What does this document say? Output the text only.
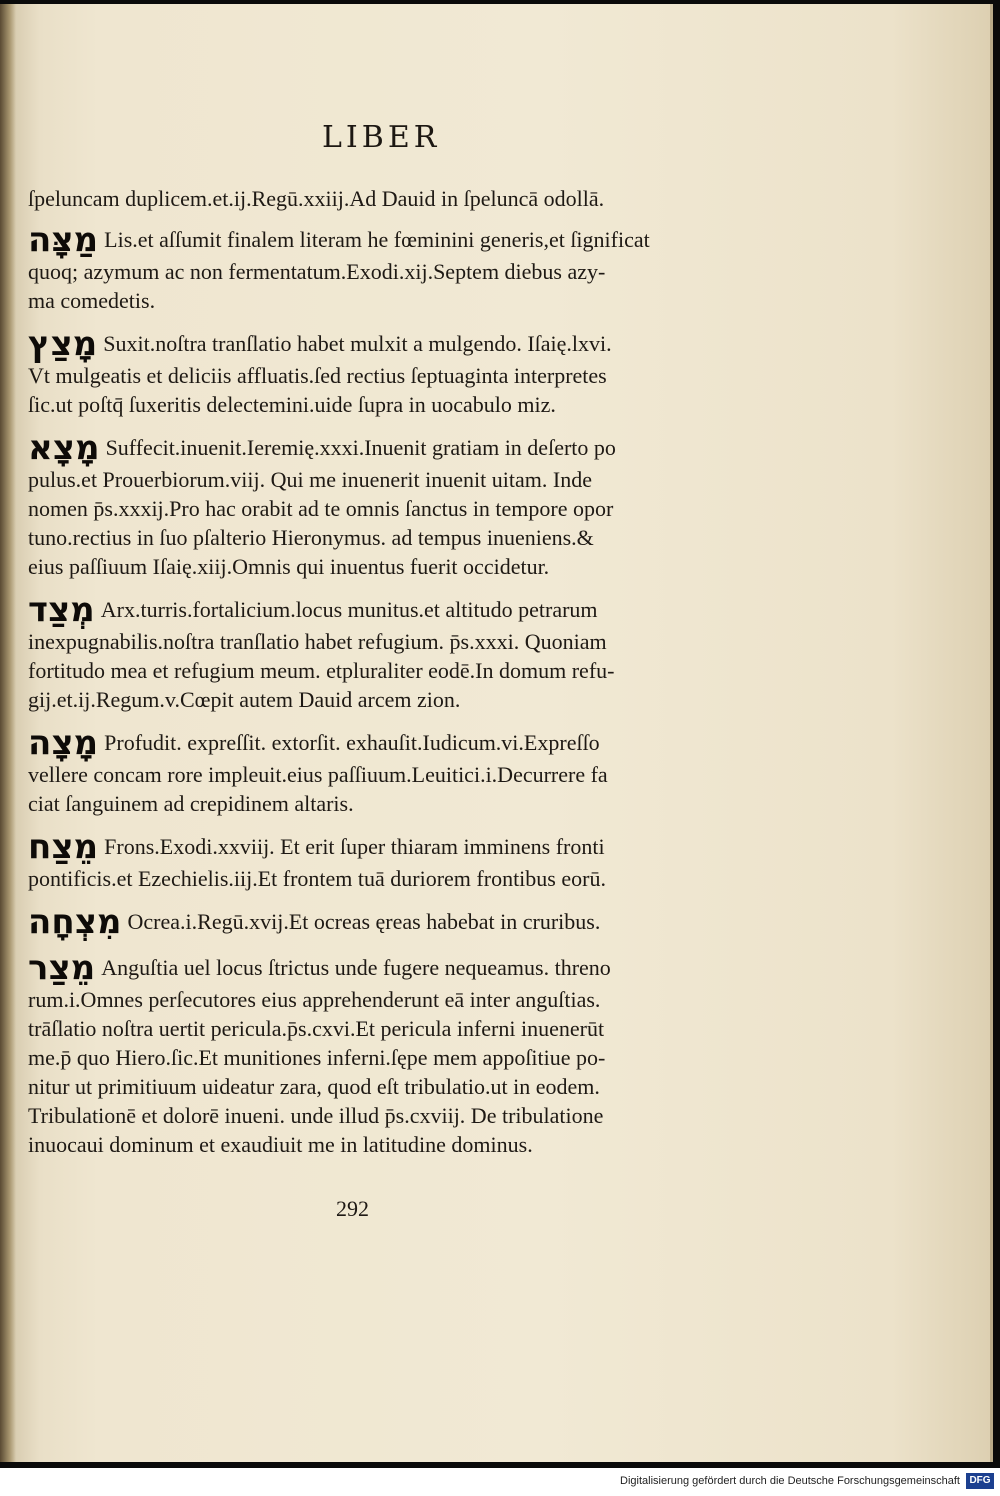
LIBER
ſpeluncam duplicem.et.ij.Regū.xxiij.Ad Dauid in ſpeluncā odollā.
מַצָּה Lis.et aſſumit finalem literam he fœminini generis,et ſignificat
quoq; azymum ac non fermentatum.Exodi.xij.Septem diebus azy-
ma comedetis.
מָצַץ Suxit.noſtra tranſlatio habet mulxit a mulgendo. Iſaię.lxvi.
Vt mulgeatis et deliciis affluatis.ſed rectius ſeptuaginta interpretes
ſic.ut poſtq̄ ſuxeritis delectemini.uide ſupra in uocabulo miz.
מָצָא Suffecit.inuenit.Ieremię.xxxi.Inuenit gratiam in deſerto po
pulus.et Prouerbiorum.viij. Qui me inuenerit inuenit uitam. Inde
nomen p̄s.xxxij.Pro hac orabit ad te omnis ſanctus in tempore opor
tuno.rectius in ſuo pſalterio Hieronymus. ad tempus inueniens.&
eius paſſiuum Iſaię.xiij.Omnis qui inuentus fuerit occidetur.
מְצַד Arx.turris.fortalicium.locus munitus.et altitudo petrarum
inexpugnabilis.noſtra tranſlatio habet refugium. p̄s.xxxi. Quoniam
fortitudo mea et refugium meum. etpluraliter eodē.In domum refu-
gij.et.ij.Regum.v.Cœpit autem Dauid arcem zion.
מָצָה Profudit. expreſſit. extorſit. exhauſit.Iudicum.vi.Expreſſo
vellere concam rore impleuit.eius paſſiuum.Leuitici.i.Decurrere fa
ciat ſanguinem ad crepidinem altaris.
מֵצַח Frons.Exodi.xxviij. Et erit ſuper thiaram imminens fronti
pontificis.et Ezechielis.iij.Et frontem tuā duriorem frontibus eorū.
מִצְחָה Ocrea.i.Regū.xvij.Et ocreas ęreas habebat in cruribus.
מֵצַר Anguſtia uel locus ſtrictus unde fugere nequeamus. threno
rum.i.Omnes perſecutores eius apprehenderunt eā inter anguſtias.
trāſlatio noſtra uertit pericula.p̄s.cxvi.Et pericula inferni inuenerūt
me.p̄ quo Hiero.ſic.Et munitiones inferni.ſępe mem appoſitiue po-
nitur ut primitiuum uideatur zara, quod eſt tribulatio.ut in eodem.
Tribulationē et dolorē inueni. unde illud p̄s.cxviij. De tribulatione
inuocaui dominum et exaudiuit me in latitudine dominus.
292
Digitalisierung gefördert durch die Deutsche Forschungsgemeinschaft DFG
